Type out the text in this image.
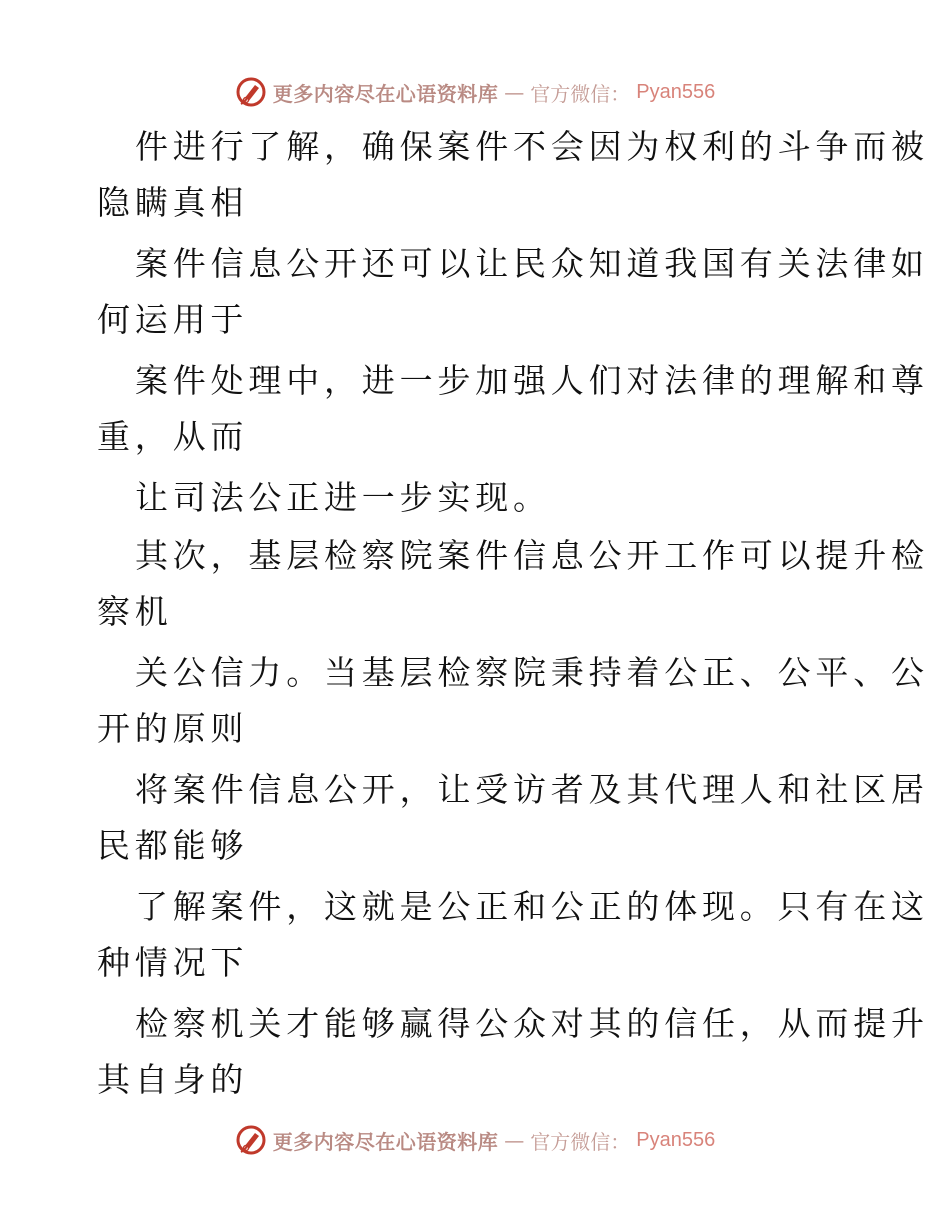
更多内容尽在心语资料库 — 官方微信： Pyan556

件进行了解，确保案件不会因为权利的斗争而被

隐瞒真相

案件信息公开还可以让民众知道我国有关法律如

何运用于

案件处理中，进一步加强人们对法律的理解和尊

重，从而

让司法公正进一步实现。

其次，基层检察院案件信息公开工作可以提升检

察机

关公信力。当基层检察院秉持着公正、公平、公

开的原则

将案件信息公开，让受访者及其代理人和社区居

民都能够

了解案件，这就是公正和公正的体现。只有在这

种情况下

检察机关才能够赢得公众对其的信任，从而提升

其自身的

更多内容尽在心语资料库 — 官方微信： Pyan556
